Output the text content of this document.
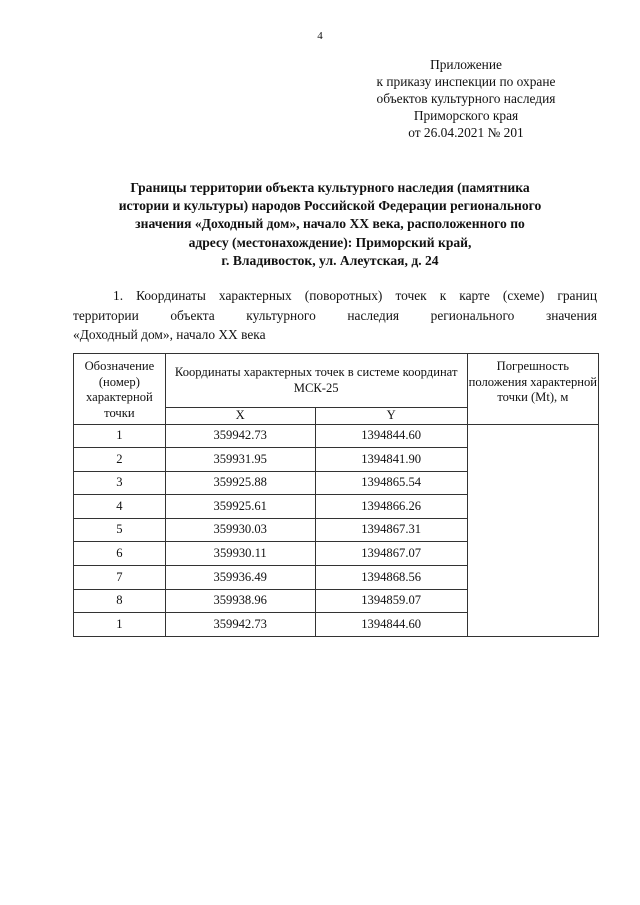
4
Приложение
к приказу инспекции по охране
объектов культурного наследия
Приморского края
от 26.04.2021 № 201
Границы территории объекта культурного наследия (памятника
истории и культуры) народов Российской Федерации регионального
значения «Доходный дом», начало XX века, расположенного по
адресу (местонахождение): Приморский край,
г. Владивосток, ул. Алеутская, д. 24
1. Координаты характерных (поворотных) точек к карте (схеме) границ
территории объекта культурного наследия регионального значения
«Доходный дом», начало XX века
Обозначение (номер) характерной точки	Координаты характерных точек в системе координат МСК-25		Погрешность положения характерной точки (Mt), м
	X	Y	
1	359942.73	1394844.60	
2	359931.95	1394841.90	
3	359925.88	1394865.54	
4	359925.61	1394866.26	
5	359930.03	1394867.31	
6	359930.11	1394867.07	
7	359936.49	1394868.56	
8	359938.96	1394859.07	
1	359942.73	1394844.60	
